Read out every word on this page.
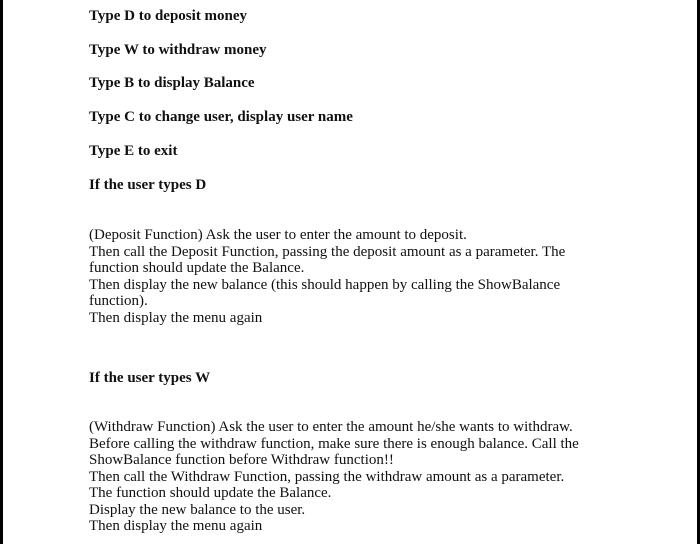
Type D to deposit money
Type W to withdraw money
Type B to display Balance
Type C to change user, display user name
Type E to exit
If the user types D
(Deposit Function) Ask the user to enter the amount to deposit.
Then call the Deposit Function, passing the deposit amount as a parameter. The
function should update the Balance.
Then display the new balance (this should happen by calling the ShowBalance
function).
Then display the menu again
If the user types W
(Withdraw Function) Ask the user to enter the amount he/she wants to withdraw.
Before calling the withdraw function, make sure there is enough balance. Call the
ShowBalance function before Withdraw function!!
Then call the Withdraw Function, passing the withdraw amount as a parameter.
The function should update the Balance.
Display the new balance to the user.
Then display the menu again
